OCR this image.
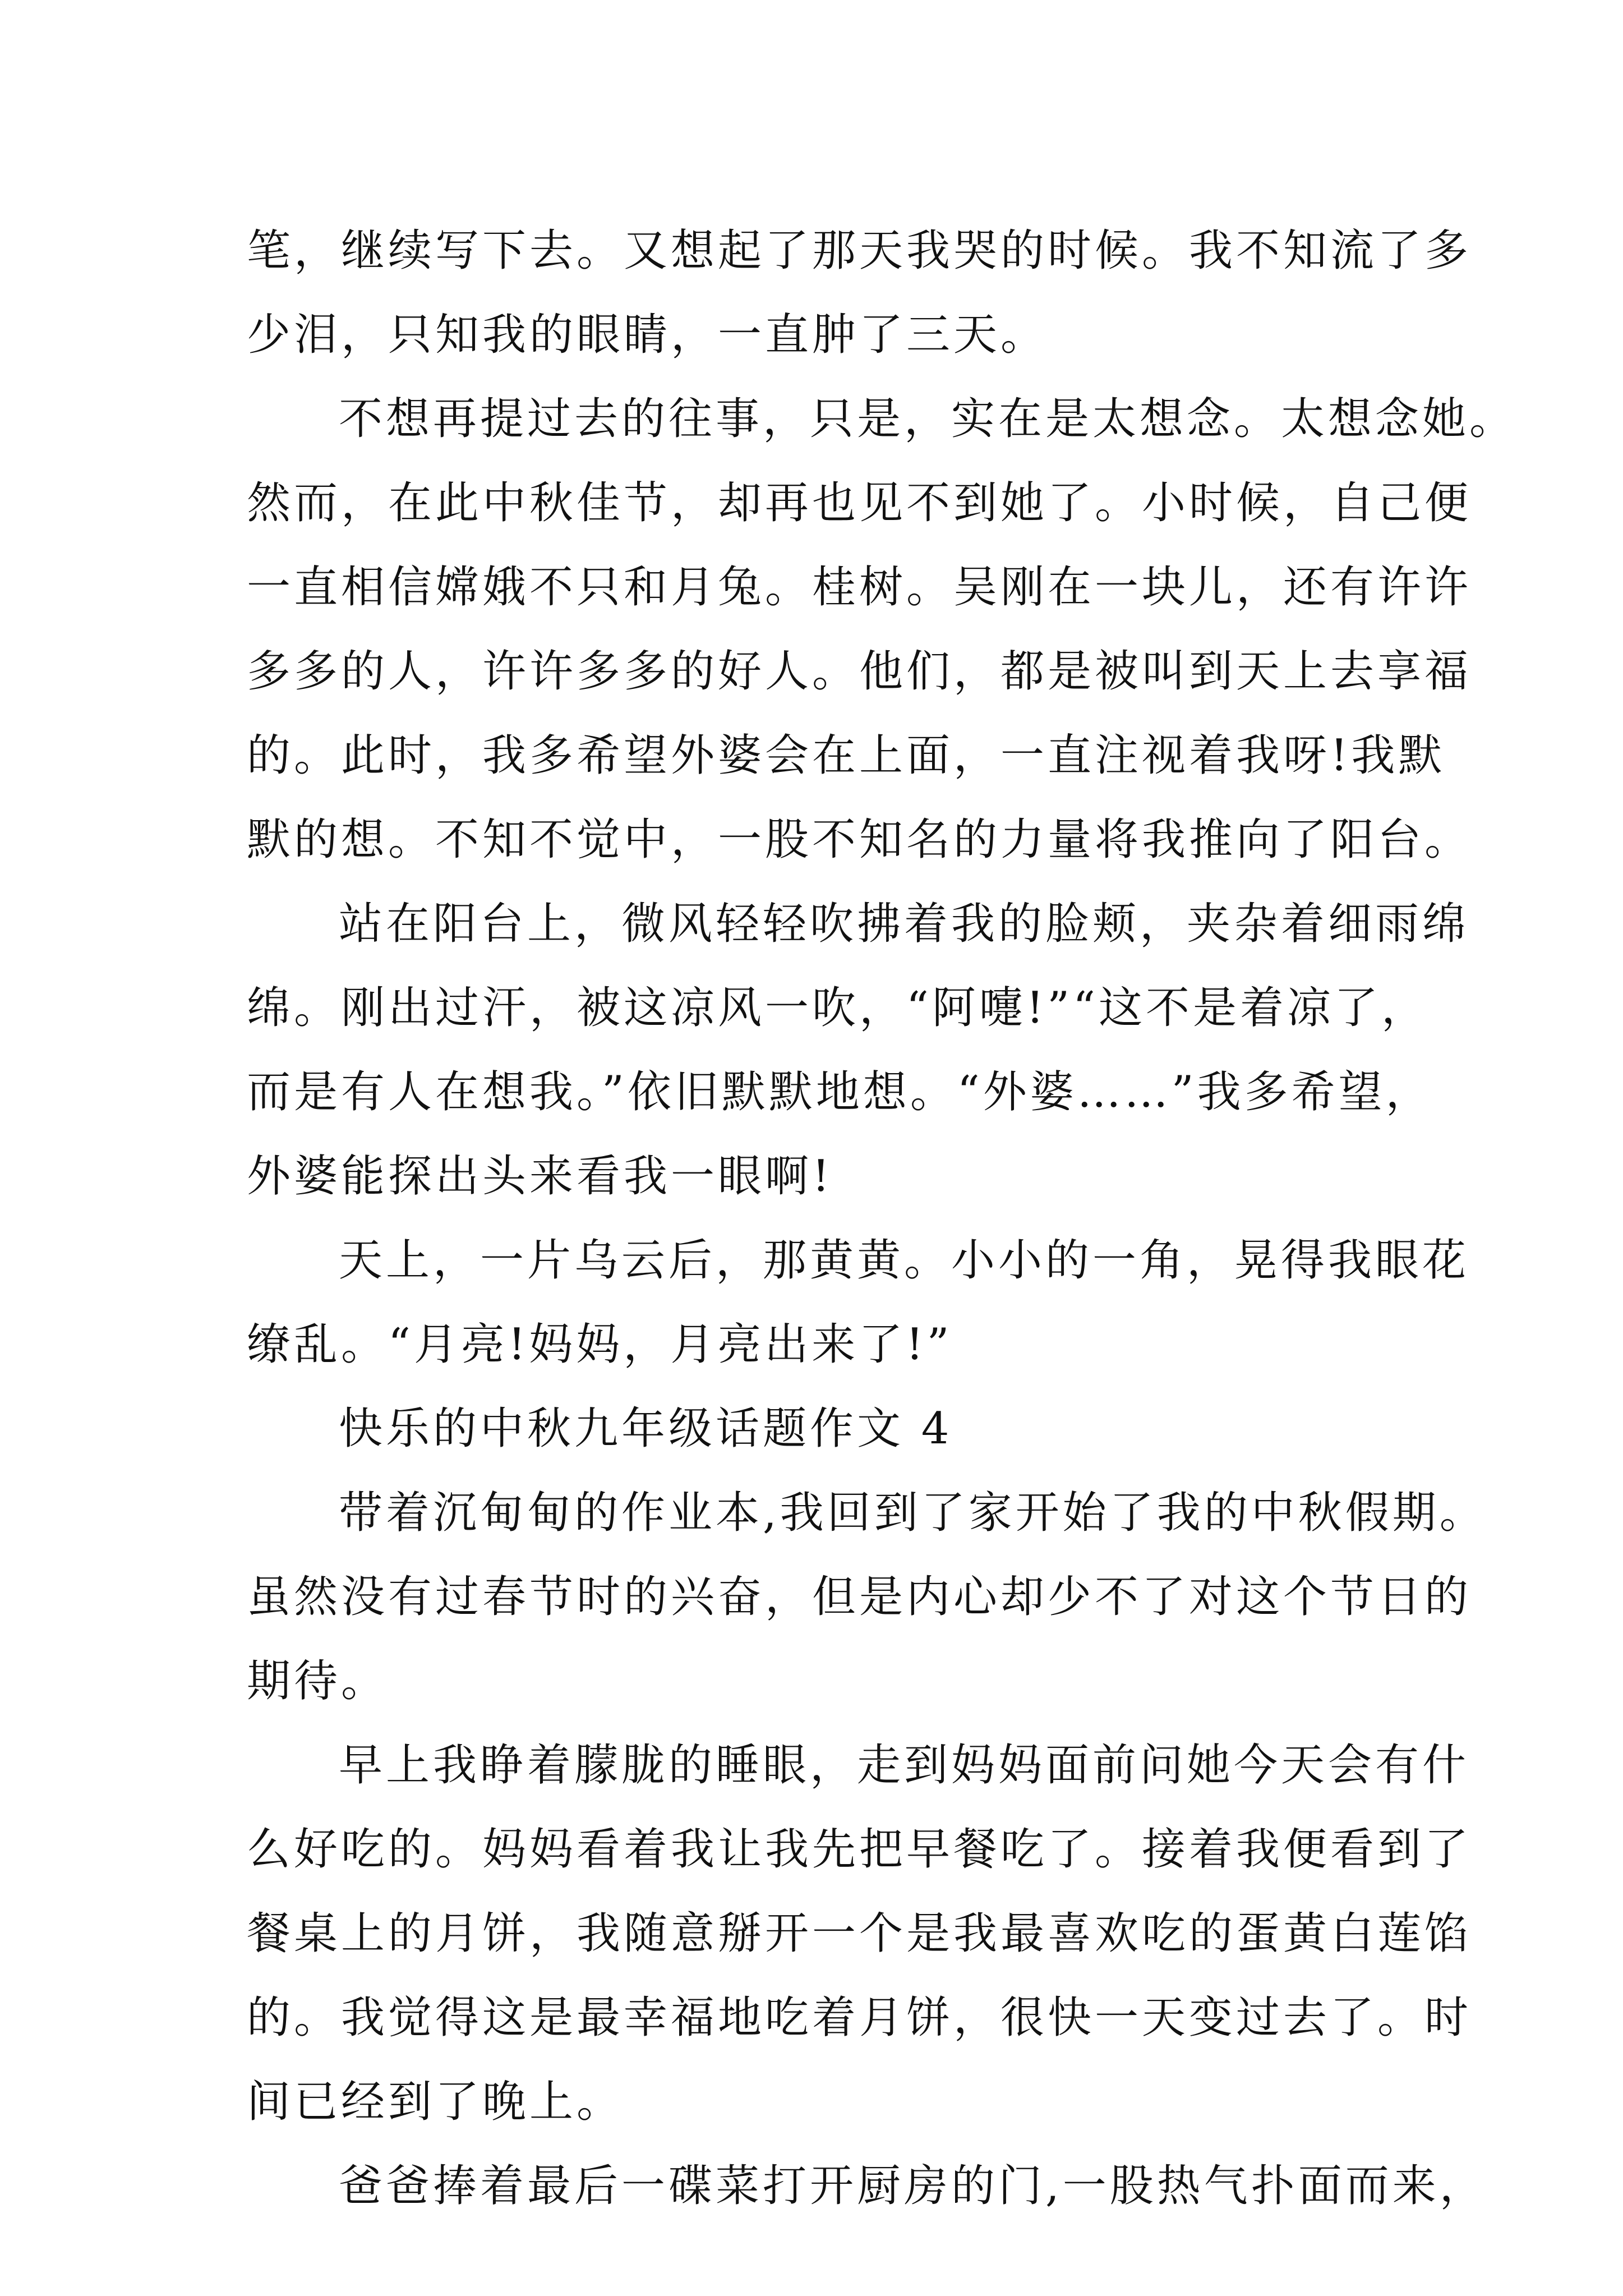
笔，继续写下去。又想起了那天我哭的时候。我不知流了多
少泪，只知我的眼睛，一直肿了三天。
不想再提过去的往事，只是，实在是太想念。太想念她。
然而，在此中秋佳节，却再也见不到她了。小时候，自己便
一直相信嫦娥不只和月兔。桂树。吴刚在一块儿，还有许许
多多的人，许许多多的好人。他们，都是被叫到天上去享福
的。此时，我多希望外婆会在上面，一直注视着我呀!我默
默的想。不知不觉中，一股不知名的力量将我推向了阳台。
站在阳台上，微风轻轻吹拂着我的脸颊，夹杂着细雨绵
绵。刚出过汗，被这凉风一吹，“阿嚏!”“这不是着凉了，
而是有人在想我。”依旧默默地想。“外婆……”我多希望，
外婆能探出头来看我一眼啊!
天上，一片乌云后，那黄黄。小小的一角，晃得我眼花
缭乱。“月亮!妈妈，月亮出来了!”
快乐的中秋九年级话题作文 4
带着沉甸甸的作业本,我回到了家开始了我的中秋假期。
虽然没有过春节时的兴奋，但是内心却少不了对这个节日的
期待。
早上我睁着朦胧的睡眼，走到妈妈面前问她今天会有什
么好吃的。妈妈看着我让我先把早餐吃了。接着我便看到了
餐桌上的月饼，我随意掰开一个是我最喜欢吃的蛋黄白莲馅
的。我觉得这是最幸福地吃着月饼，很快一天变过去了。时
间已经到了晚上。
爸爸捧着最后一碟菜打开厨房的门,一股热气扑面而来，
